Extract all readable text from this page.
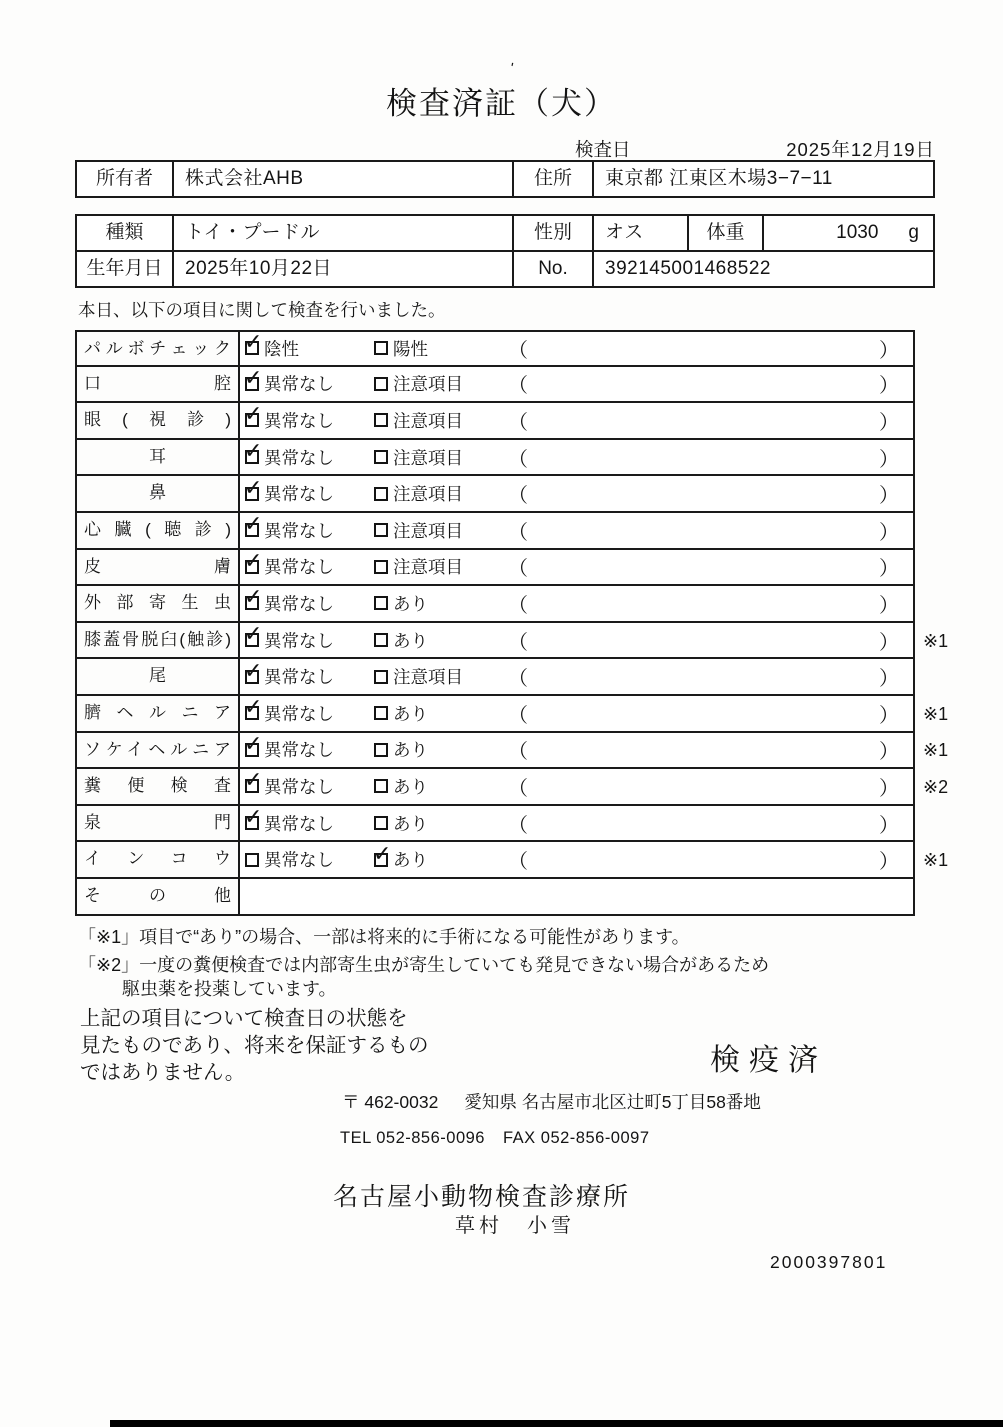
'
検査済証（犬）
検査日	2025年12月19日
所有者	株式会社AHB	住所	東京都 江東区木場3−7−11
種類	トイ・プードル	性別	オス	体重	1030 g
生年月日	2025年10月22日	No.	392145001468522
本日、以下の項目に関して検査を行いました。
パルボチェック ✓	陰性	陽性	（	）
口腔 ✓	異常なし	注意項目 （	）
眼(視診) ✓	異常なし	注意項目 （	）
耳 ✓	異常なし	注意項目 （	）
鼻 ✓	異常なし	注意項目 （	）
心臓(聴診) ✓	異常なし	注意項目 （	）
皮膚 ✓	異常なし	注意項目 （	）
外部寄生虫 ✓	異常なし	あり	（	）
膝蓋骨脱臼(触診) ✓	異常なし	あり	（	）	※1
尾 ✓	異常なし	注意項目 （	）
臍ヘルニア ✓	異常なし	あり	（	）	※1
ソケイヘルニア ✓	異常なし	あり	（	）	※1
糞便検査 ✓	異常なし	あり	（	）	※2
泉門 ✓	異常なし	あり	（	）
インコウ	異常なし ✓	あり	（	）	※1
その他
「※1」項目で“あり”の場合、一部は将来的に手術になる可能性があります。
「※2」一度の糞便検査では内部寄生虫が寄生していても発見できない場合があるため
駆虫薬を投薬しています。
上記の項目について検査日の状態を
見たものであり、将来を保証するもの
ではありません。	検疫済
〒 462-0032 愛知県 名古屋市北区辻町5丁目58番地
TEL 052-856-0096 FAX 052-856-0097
名古屋小動物検査診療所
草村　小雪
2000397801
